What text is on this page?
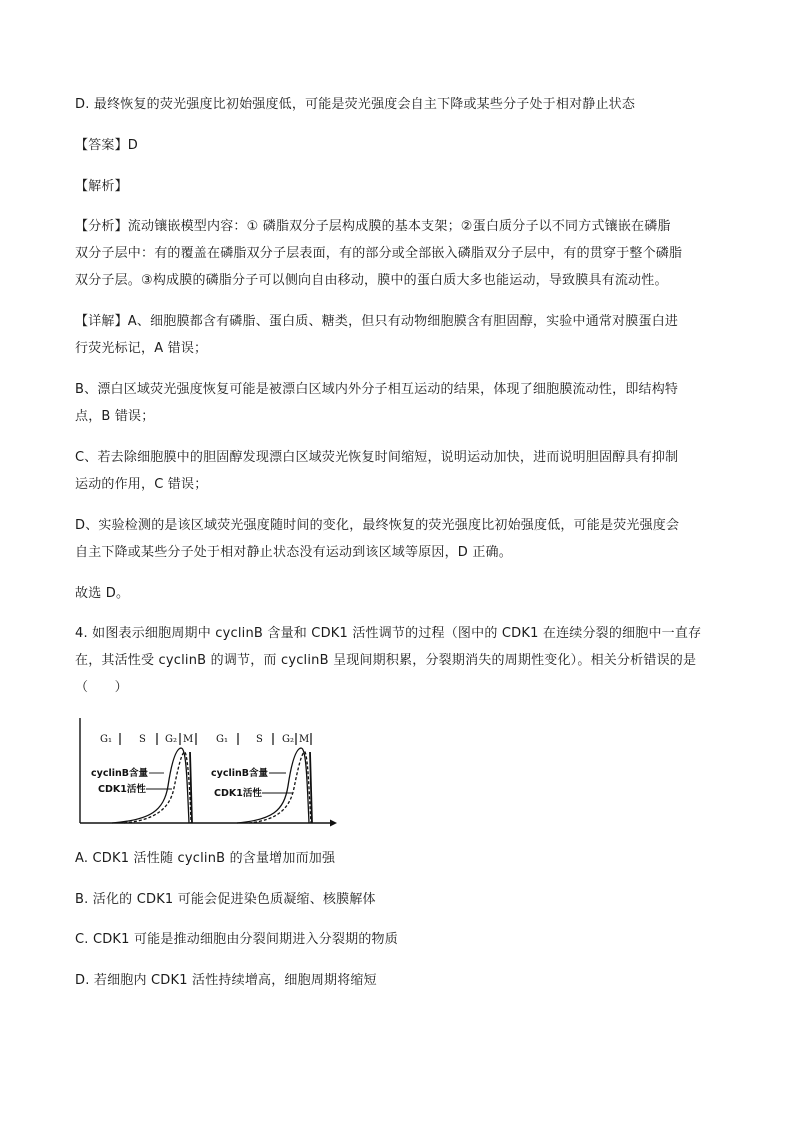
D. 最终恢复的荧光强度比初始强度低，可能是荧光强度会自主下降或某些分子处于相对静止状态
【答案】D
【解析】
【分析】流动镶嵌模型内容：① 磷脂双分子层构成膜的基本支架；②蛋白质分子以不同方式镶嵌在磷脂
双分子层中：有的覆盖在磷脂双分子层表面，有的部分或全部嵌入磷脂双分子层中，有的贯穿于整个磷脂
双分子层。③构成膜的磷脂分子可以侧向自由移动，膜中的蛋白质大多也能运动，导致膜具有流动性。
【详解】A、细胞膜都含有磷脂、蛋白质、糖类，但只有动物细胞膜含有胆固醇，实验中通常对膜蛋白进
行荧光标记，A 错误；
B、漂白区域荧光强度恢复可能是被漂白区域内外分子相互运动的结果，体现了细胞膜流动性，即结构特
点，B 错误；
C、若去除细胞膜中的胆固醇发现漂白区域荧光恢复时间缩短，说明运动加快，进而说明胆固醇具有抑制
运动的作用，C 错误；
D、实验检测的是该区域荧光强度随时间的变化，最终恢复的荧光强度比初始强度低，可能是荧光强度会
自主下降或某些分子处于相对静止状态没有运动到该区域等原因，D 正确。
故选 D。
4. 如图表示细胞周期中 cyclinB 含量和 CDK1 活性调节的过程（图中的 CDK1 在连续分裂的细胞中一直存
在，其活性受 cyclinB 的调节，而 cyclinB 呈现间期积累，分裂期消失的周期性变化）。相关分析错误的是
（　　）
G₁	S G₂ M G₁	S G₂ M
cyclinB含量
CDK1活性
cyclinB含量
CDK1活性
A. CDK1 活性随 cyclinB 的含量增加而加强
B. 活化的 CDK1 可能会促进染色质凝缩、核膜解体
C. CDK1 可能是推动细胞由分裂间期进入分裂期的物质
D. 若细胞内 CDK1 活性持续增高，细胞周期将缩短
